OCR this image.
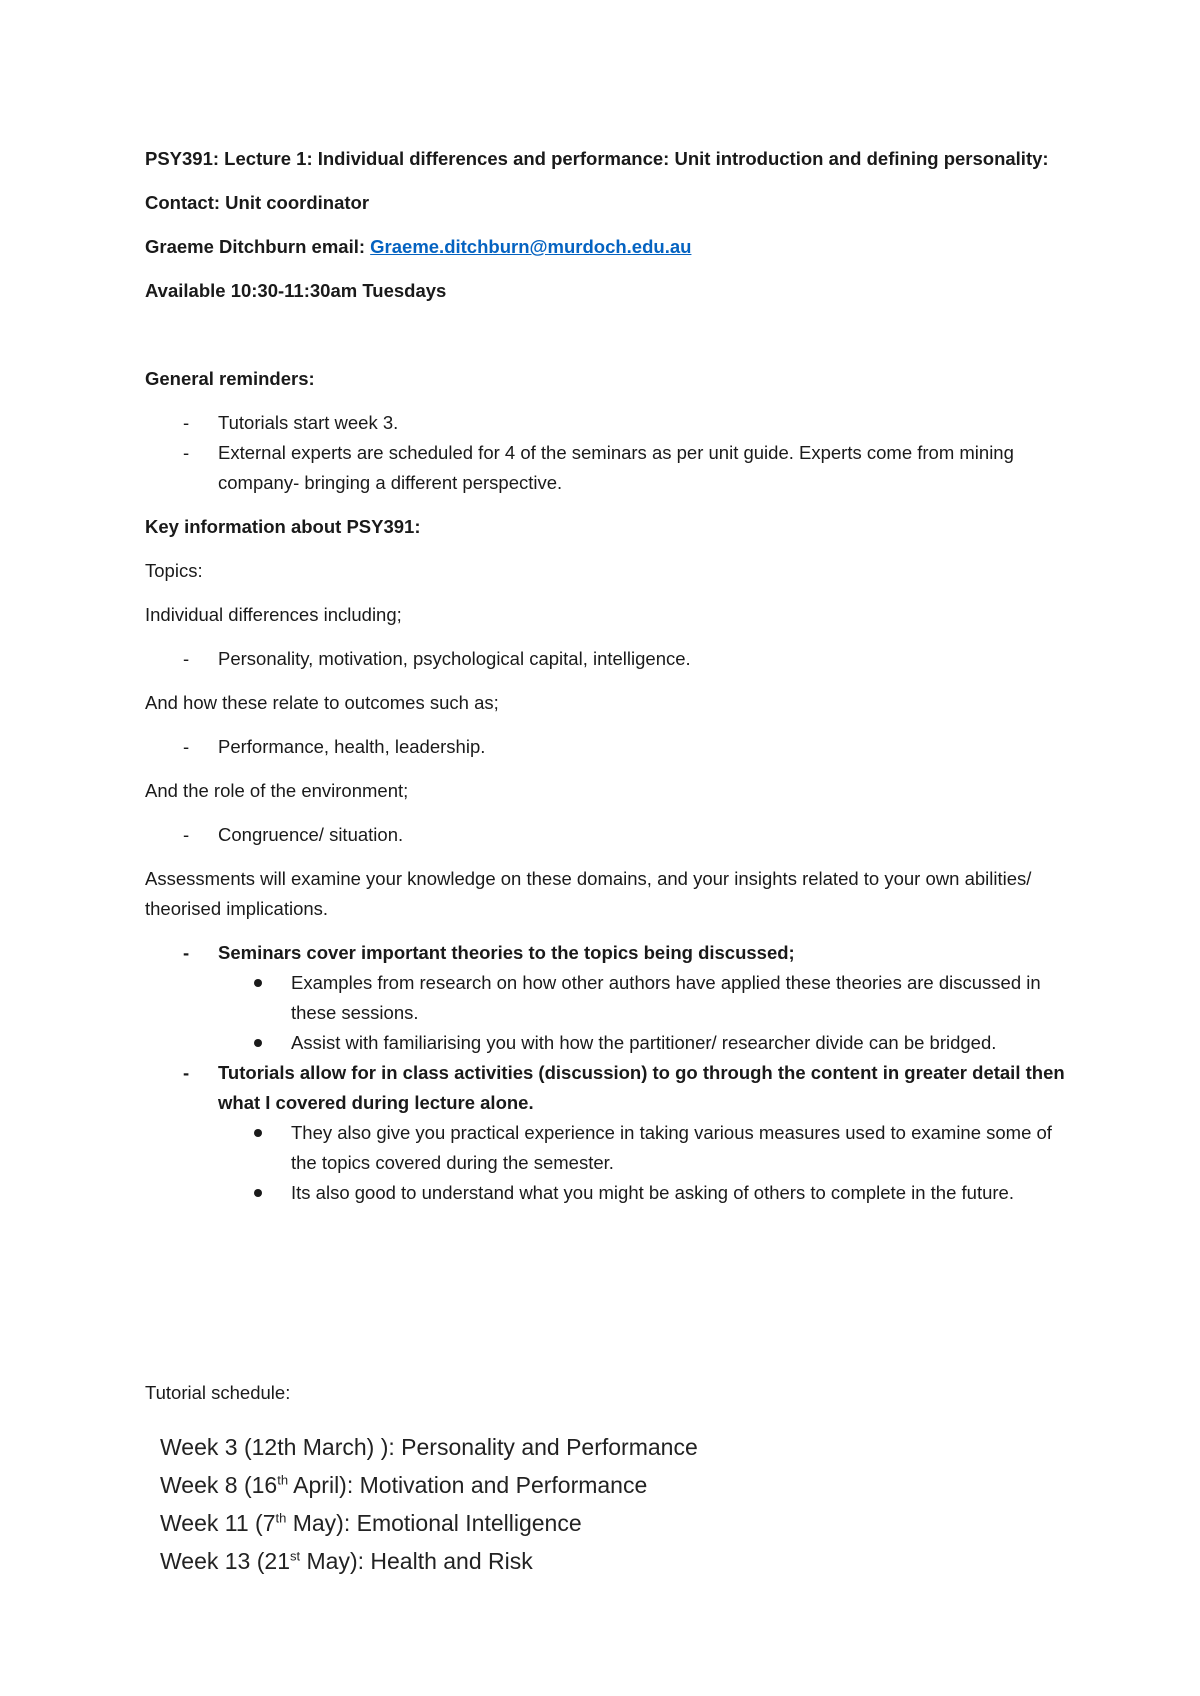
PSY391: Lecture 1: Individual differences and performance: Unit introduction and defining personality:

Contact: Unit coordinator

Graeme Ditchburn email: Graeme.ditchburn@murdoch.edu.au

Available 10:30-11:30am Tuesdays

General reminders:

- Tutorials start week 3.
- External experts are scheduled for 4 of the seminars as per unit guide. Experts come from mining company- bringing a different perspective.

Key information about PSY391:

Topics:

Individual differences including;

- Personality, motivation, psychological capital, intelligence.

And how these relate to outcomes such as;

- Performance, health, leadership.

And the role of the environment;

- Congruence/ situation.

Assessments will examine your knowledge on these domains, and your insights related to your own abilities/ theorised implications.

- Seminars cover important theories to the topics being discussed;
Examples from research on how other authors have applied these theories are discussed in these sessions.
Assist with familiarising you with how the partitioner/ researcher divide can be bridged.
- Tutorials allow for in class activities (discussion) to go through the content in greater detail then what I covered during lecture alone.
They also give you practical experience in taking various measures used to examine some of the topics covered during the semester.
Its also good to understand what you might be asking of others to complete in the future.

Tutorial schedule:

Week 3 (12th March) ): Personality and Performance
Week 8 (16th April): Motivation and Performance
Week 11 (7th May): Emotional Intelligence
Week 13 (21st May): Health and Risk
